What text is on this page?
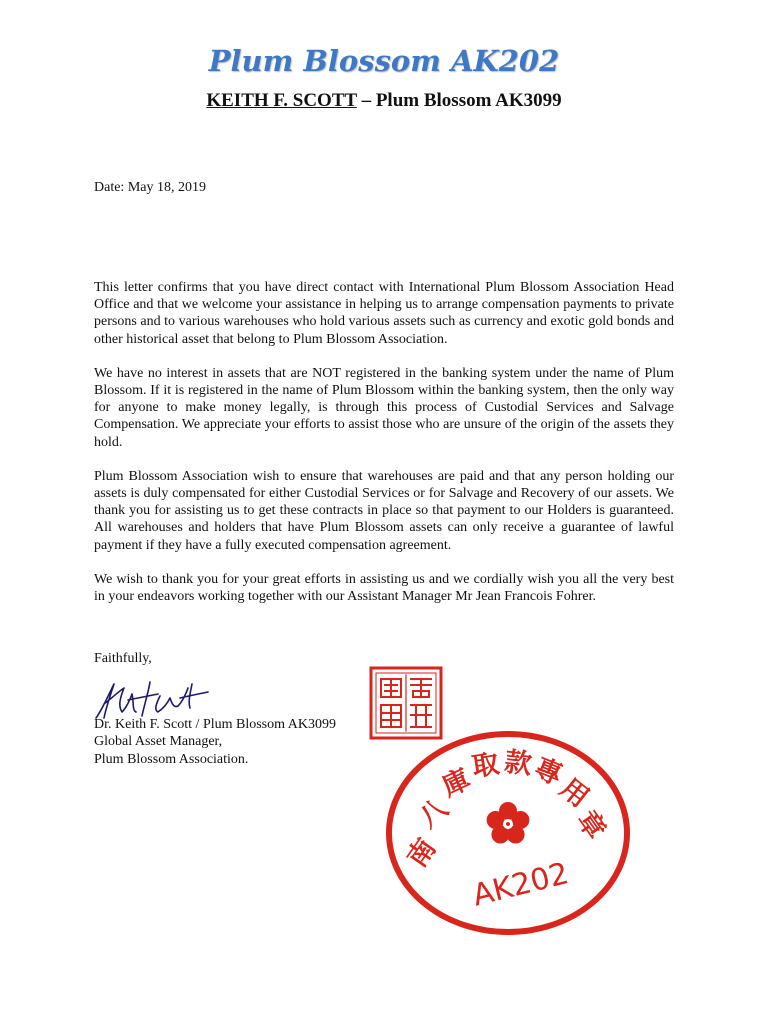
Plum Blossom AK202
KEITH F. SCOTT – Plum Blossom AK3099
Date: May 18, 2019

This letter confirms that you have direct contact with International Plum Blossom Association Head Office and that we welcome your assistance in helping us to arrange compensation payments to private persons and to various warehouses who hold various assets such as currency and exotic gold bonds and other historical asset that belong to Plum Blossom Association.

We have no interest in assets that are NOT registered in the banking system under the name of Plum Blossom. If it is registered in the name of Plum Blossom within the banking system, then the only way for anyone to make money legally, is through this process of Custodial Services and Salvage Compensation. We appreciate your efforts to assist those who are unsure of the origin of the assets they hold.

Plum Blossom Association wish to ensure that warehouses are paid and that any person holding our assets is duly compensated for either Custodial Services or for Salvage and Recovery of our assets. We thank you for assisting us to get these contracts in place so that payment to our Holders is guaranteed. All warehouses and holders that have Plum Blossom assets can only receive a guarantee of lawful payment if they have a fully executed compensation agreement.

We wish to thank you for your great efforts in assisting us and we cordially wish you all the very best in your endeavors working together with our Assistant Manager Mr Jean Francois Fohrer.

Faithfully,
Dr. Keith F. Scott / Plum Blossom AK3099
Global Asset Manager,
Plum Blossom Association.
南
八
庫
取 款
專
用
章
AK202
